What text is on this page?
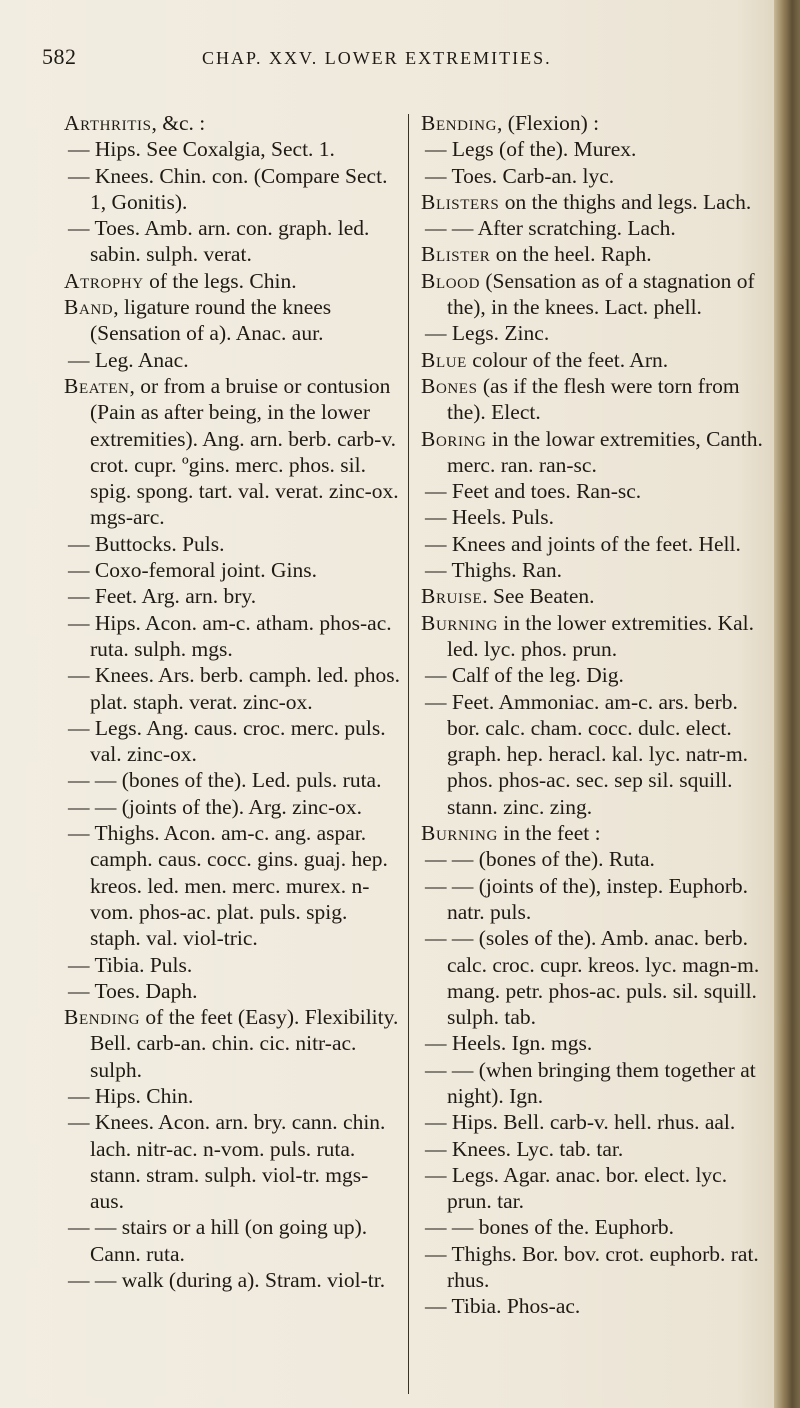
582	CHAP. XXV. LOWER EXTREMITIES.

Arthritis, &c. :

— Hips. See Coxalgia, Sect. 1.

— Knees. Chin. con. (Compare Sect. 1, Gonitis).

— Toes. Amb. arn. con. graph. led. sabin. sulph. verat.

Atrophy of the legs. Chin.

Band, ligature round the knees (Sensation of a). Anac. aur.

— Leg. Anac.

Beaten, or from a bruise or contusion (Pain as after being, in the lower extremities). Ang. arn. berb. carb-v. crot. cupr. ºgins. merc. phos. sil. spig. spong. tart. val. verat. zinc-ox. mgs-arc.

— Buttocks. Puls.

— Coxo-femoral joint. Gins.

— Feet. Arg. arn. bry.

— Hips. Acon. am-c. atham. phos-ac. ruta. sulph. mgs.

— Knees. Ars. berb. camph. led. phos. plat. staph. verat. zinc-ox.

— Legs. Ang. caus. croc. merc. puls. val. zinc-ox.

— — (bones of the). Led. puls. ruta.

— — (joints of the). Arg. zinc-ox.

— Thighs. Acon. am-c. ang. aspar. camph. caus. cocc. gins. guaj. hep. kreos. led. men. merc. murex. n-vom. phos-ac. plat. puls. spig. staph. val. viol-tric.

— Tibia. Puls.

— Toes. Daph.

Bending of the feet (Easy). Flexibility. Bell. carb-an. chin. cic. nitr-ac. sulph.

— Hips. Chin.

— Knees. Acon. arn. bry. cann. chin. lach. nitr-ac. n-vom. puls. ruta. stann. stram. sulph. viol-tr. mgs-aus.

— — stairs or a hill (on going up). Cann. ruta.

— — walk (during a). Stram. viol-tr.

Bending, (Flexion) :

— Legs (of the). Murex.

— Toes. Carb-an. lyc.

Blisters on the thighs and legs. Lach.

— — After scratching. Lach.

Blister on the heel. Raph.

Blood (Sensation as of a stagnation of the), in the knees. Lact. phell.

— Legs. Zinc.

Blue colour of the feet. Arn.

Bones (as if the flesh were torn from the). Elect.

Boring in the lowar extremities, Canth. merc. ran. ran-sc.

— Feet and toes. Ran-sc.

— Heels. Puls.

— Knees and joints of the feet. Hell.

— Thighs. Ran.

Bruise. See Beaten.

Burning in the lower extremities. Kal. led. lyc. phos. prun.

— Calf of the leg. Dig.

— Feet. Ammoniac. am-c. ars. berb. bor. calc. cham. cocc. dulc. elect. graph. hep. heracl. kal. lyc. natr-m. phos. phos-ac. sec. sep sil. squill. stann. zinc. zing.

Burning in the feet :

— — (bones of the). Ruta.

— — (joints of the), instep. Euphorb. natr. puls.

— — (soles of the). Amb. anac. berb. calc. croc. cupr. kreos. lyc. magn-m. mang. petr. phos-ac. puls. sil. squill. sulph. tab.

— Heels. Ign. mgs.

— — (when bringing them together at night). Ign.

— Hips. Bell. carb-v. hell. rhus. aal.

— Knees. Lyc. tab. tar.

— Legs. Agar. anac. bor. elect. lyc. prun. tar.

— — bones of the. Euphorb.

— Thighs. Bor. bov. crot. euphorb. rat. rhus.

— Tibia. Phos-ac.
